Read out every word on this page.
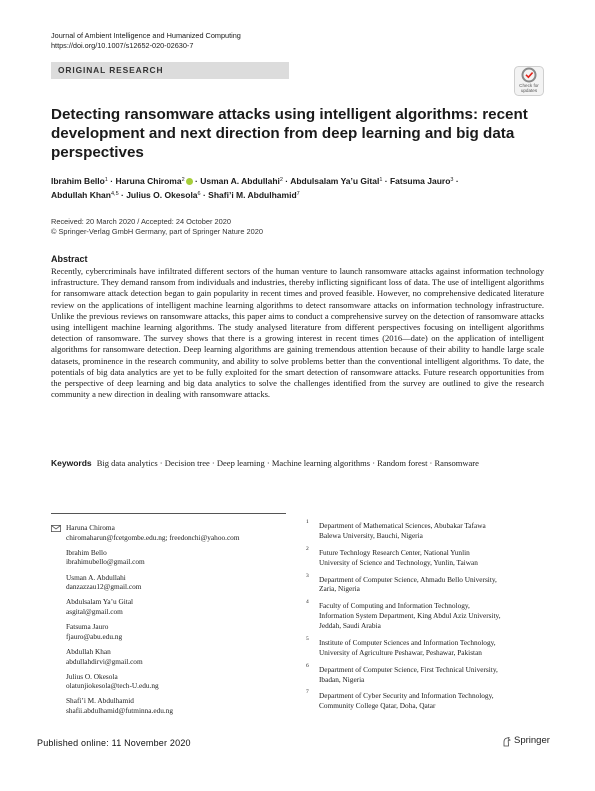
Journal of Ambient Intelligence and Humanized Computing
https://doi.org/10.1007/s12652-020-02630-7
ORIGINAL RESEARCH
Check for updates
Detecting ransomware attacks using intelligent algorithms: recent development and next direction from deep learning and big data perspectives
Ibrahim Bello$^1$ · Haruna Chiroma$^2$ · Usman A. Abdullahi$^2$ · Abdulsalam Ya’u Gital$^1$ · Fatsuma Jauro$^3$ ·
Abdullah Khan$^{4,5}$ · Julius O. Okesola$^6$ · Shafi’i M. Abdulhamid$^7$
Received: 20 March 2020 / Accepted: 24 October 2020
© Springer-Verlag GmbH Germany, part of Springer Nature 2020
Abstract
Recently, cybercriminals have infiltrated different sectors of the human venture to launch ransomware attacks against information technology infrastructure. They demand ransom from individuals and industries, thereby inflicting significant loss of data. The use of intelligent algorithms for ransomware attack detection began to gain popularity in recent times and proved feasible. However, no comprehensive dedicated literature review on the applications of intelligent machine learning algorithms to detect ransomware attacks on information technology infrastructure. Unlike the previous reviews on ransomware attacks, this paper aims to conduct a comprehensive survey on the detection of ransomware attacks using intelligent machine learning algorithms. The study analysed literature from different perspectives focusing on intelligent algorithms detection of ransomware. The survey shows that there is a growing interest in recent times (2016—date) on the application of intelligent algorithms for ransomware detection. Deep learning algorithms are gaining tremendous attention because of their ability to handle large scale datasets, prominence in the research community, and ability to solve problems better than the conventional intelligent algorithms. To date, the potentials of big data analytics are yet to be fully exploited for the smart detection of ransomware attacks. Future research opportunities from the perspective of deep learning and big data analytics to solve the challenges identified from the survey are outlined to give the research community a new direction in dealing with ransomware attacks.
Keywords Big data analytics · Decision tree · Deep learning · Machine learning algorithms · Random forest · Ransomware
Haruna Chiroma
chiromaharun@fcetgombe.edu.ng; freedonchi@yahoo.com
Ibrahim Bello
ibrahimubello@gmail.com
Usman A. Abdullahi
danzazzau12@gmail.com
Abdulsalam Ya’u Gital
asgital@gmail.com
Fatsuma Jauro
fjauro@abu.edu.ng
Abdullah Khan
abdullahdirvi@gmail.com
Julius O. Okesola
olatunjiokesola@tech-U.edu.ng
Shafi’i M. Abdulhamid
shafii.abdulhamid@futminna.edu.ng
1 Department of Mathematical Sciences, Abubakar Tafawa
Balewa University, Bauchi, Nigeria
2 Future Technlogy Research Center, National Yunlin
University of Science and Technology, Yunlin, Taiwan
3 Department of Computer Science, Ahmadu Bello University,
Zaria, Nigeria
4 Faculty of Computing and Information Technology,
Information System Department, King Abdul Aziz University,
Jeddah, Saudi Arabia
5 Institute of Computer Sciences and Information Technology,
University of Agriculture Peshawar, Peshawar, Pakistan
6 Department of Computer Science, First Technical University,
Ibadan, Nigeria
7 Department of Cyber Security and Information Technology,
Community College Qatar, Doha, Qatar
Published online: 11 November 2020	Springer
